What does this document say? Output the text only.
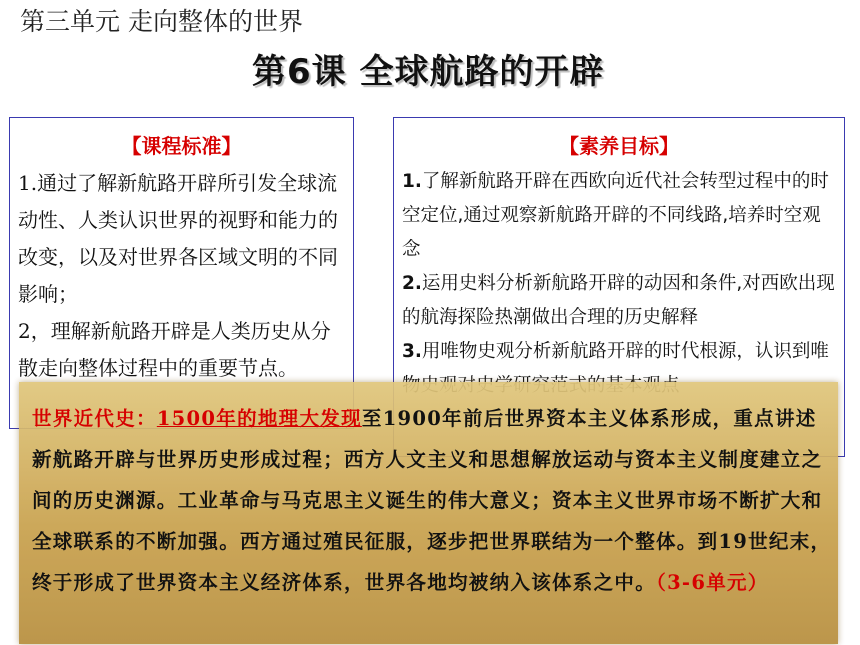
第三单元 走向整体的世界
第6课 全球航路的开辟
【课程标准】
1.通过了解新航路开辟所引发全球流动性、人类认识世界的视野和能力的改变，以及对世界各区域文明的不同影响；
2，理解新航路开辟是人类历史从分散走向整体过程中的重要节点。
【素养目标】
1.了解新航路开辟在西欧向近代社会转型过程中的时空定位,通过观察新航路开辟的不同线路,培养时空观念
2.运用史料分析新航路开辟的动因和条件,对西欧出现的航海探险热潮做出合理的历史解释
3.用唯物史观分析新航路开辟的时代根源，认识到唯
世界近代史：1500年的地理大发现至1900年前后世界资本主义体系形成，重点讲述新航路开辟与世界历史形成过程；西方人文主义和思想解放运动与资本主义制度建立之间的历史渊源。工业革命与马克思主义诞生的伟大意义；资本主义世界市场不断扩大和全球联系的不断加强。西方通过殖民征服，逐步把世界联结为一个整体。到19世纪末，终于形成了世界资本主义经济体系，世界各地均被纳入该体系之中。（3-6单元）
